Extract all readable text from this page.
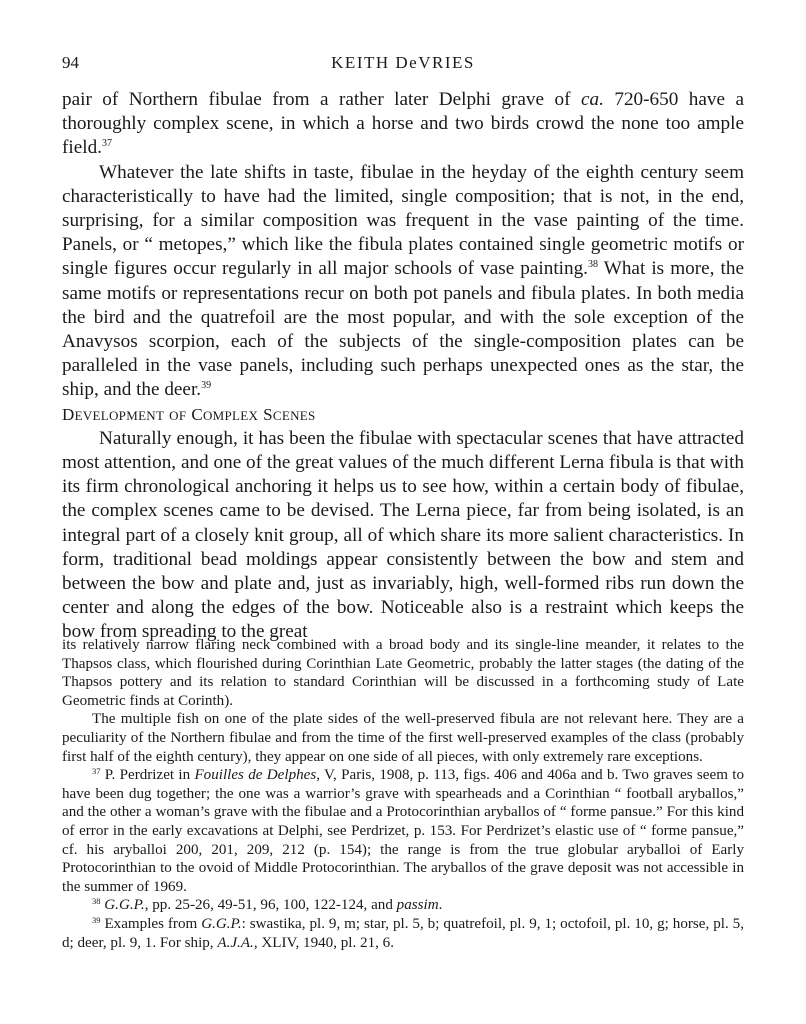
94	KEITH DeVRIES

pair of Northern fibulae from a rather later Delphi grave of ca. 720-650 have a thoroughly complex scene, in which a horse and two birds crowd the none too ample field.$^{37}$

Whatever the late shifts in taste, fibulae in the heyday of the eighth century seem characteristically to have had the limited, single composition; that is not, in the end, surprising, for a similar composition was frequent in the vase painting of the time. Panels, or “ metopes,” which like the fibula plates contained single geometric motifs or single figures occur regularly in all major schools of vase painting.$^{38}$ What is more, the same motifs or representations recur on both pot panels and fibula plates. In both media the bird and the quatrefoil are the most popular, and with the sole exception of the Anavysos scorpion, each of the subjects of the single-composition plates can be paralleled in the vase panels, including such perhaps unexpected ones as the star, the ship, and the deer.$^{39}$

Development of Complex Scenes

Naturally enough, it has been the fibulae with spectacular scenes that have attracted most attention, and one of the great values of the much different Lerna fibula is that with its firm chronological anchoring it helps us to see how, within a certain body of fibulae, the complex scenes came to be devised. The Lerna piece, far from being isolated, is an integral part of a closely knit group, all of which share its more salient characteristics. In form, traditional bead moldings appear consistently between the bow and stem and between the bow and plate and, just as invariably, high, well-formed ribs run down the center and along the edges of the bow. Noticeable also is a restraint which keeps the bow from spreading to the great

its relatively narrow flaring neck combined with a broad body and its single-line meander, it relates to the Thapsos class, which flourished during Corinthian Late Geometric, probably the latter stages (the dating of the Thapsos pottery and its relation to standard Corinthian will be discussed in a forthcoming study of Late Geometric finds at Corinth).

The multiple fish on one of the plate sides of the well-preserved fibula are not relevant here. They are a peculiarity of the Northern fibulae and from the time of the first well-preserved examples of the class (probably first half of the eighth century), they appear on one side of all pieces, with only extremely rare exceptions.

$^{37}$ P. Perdrizet in Fouilles de Delphes, V, Paris, 1908, p. 113, figs. 406 and 406a and b. Two graves seem to have been dug together; the one was a warrior’s grave with spearheads and a Corinthian “ football aryballos,” and the other a woman’s grave with the fibulae and a Protocorinthian aryballos of “ forme pansue.” For this kind of error in the early excavations at Delphi, see Perdrizet, p. 153. For Perdrizet’s elastic use of “ forme pansue,” cf. his aryballoi 200, 201, 209, 212 (p. 154); the range is from the true globular aryballoi of Early Protocorinthian to the ovoid of Middle Protocorinthian. The aryballos of the grave deposit was not accessible in the summer of 1969.

$^{38}$ G.G.P., pp. 25-26, 49-51, 96, 100, 122-124, and passim.

$^{39}$ Examples from G.G.P.: swastika, pl. 9, m; star, pl. 5, b; quatrefoil, pl. 9, 1; octofoil, pl. 10, g; horse, pl. 5, d; deer, pl. 9, 1. For ship, A.J.A., XLIV, 1940, pl. 21, 6.
